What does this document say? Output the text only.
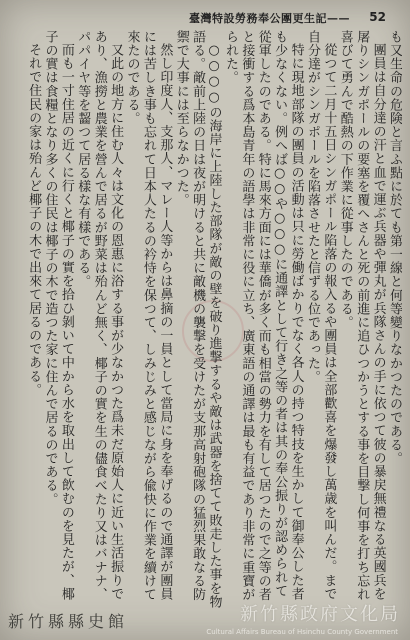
臺灣特設勞務奉公團更生記—— 52

も又生命の危険と言ふ點に於ても第一線と何等變りなかつたのである。

團員は自分達の汗と血で運ぶ兵器や彈丸が兵隊さんの手に依つて彼の暴戻無禮なる英國兵を屠りシンガポールの要塞を覆へさんと死の前進に追ひつかうとする事を目撃し何事を打ち忘れ喜びて勇んで酷熱の下作業に從事したのである。

從つて二月十五日シンガポール陷落の報入るや團員は全部歡喜を爆發し萬歳を叫んだ。まで自分達がシンガポールを陷落させたと信ずる位であった。

特に現地部隊の團員の活動は只に勞働ばかりでなく各人の持つ特技を生かして御奉公した者も少なくない。例へば○○や○○○に通譯として行き之等の者は其の奉公振りが認められて從軍したのである。特に馬來方面には華僑が多く而も相當の勢力を有して居つたので之等の者と接衝する爲本島青年の語學は非常に役に立ち、廣東語の通譯は最も有益であり非常に重寶がられた。

○○○○の海岸に上陸した部隊が敵の壁を破り進撃するや敵は武器を捨てて敗走した事を物語る。敵前上陸の日は夜が明けると共に敵機の襲撃を受けたが支那高射砲隊の猛烈果敢なる防禦で大事には至らなかつた。

然し印度人、支那人、マレー人等からは鼻摘の一員として當局に身を奉げるので通譯が團員には苦しき事も忘れて日本人たるの衿恃を保つて、しみじみと感じながら偸快に作業を續けて來たのである。

又此の地方に住む人々は文化の恩惠に浴する事が少なかつた爲未だ原始人に近い生活振りであり、漁撈と農業を營んで居るが野菜は殆んど無く、椰子の實を生の儘食べたり又はバナナ、パパイヤ等を齧つて居る樣な有樣である。

而も一寸住居の近くに行くと椰子の實を拾ひ剝いて中から水を取出して飲むのを見たが、椰子の實は食糧となり多くの住民は椰子の木で造つた家に住んで居るのである。

それで住民の家は殆んど椰子の木で出來て居るのである。

新竹縣縣史館	新竹縣政府文化局
Cultural Affairs Bureau of Hsinchu County Government
